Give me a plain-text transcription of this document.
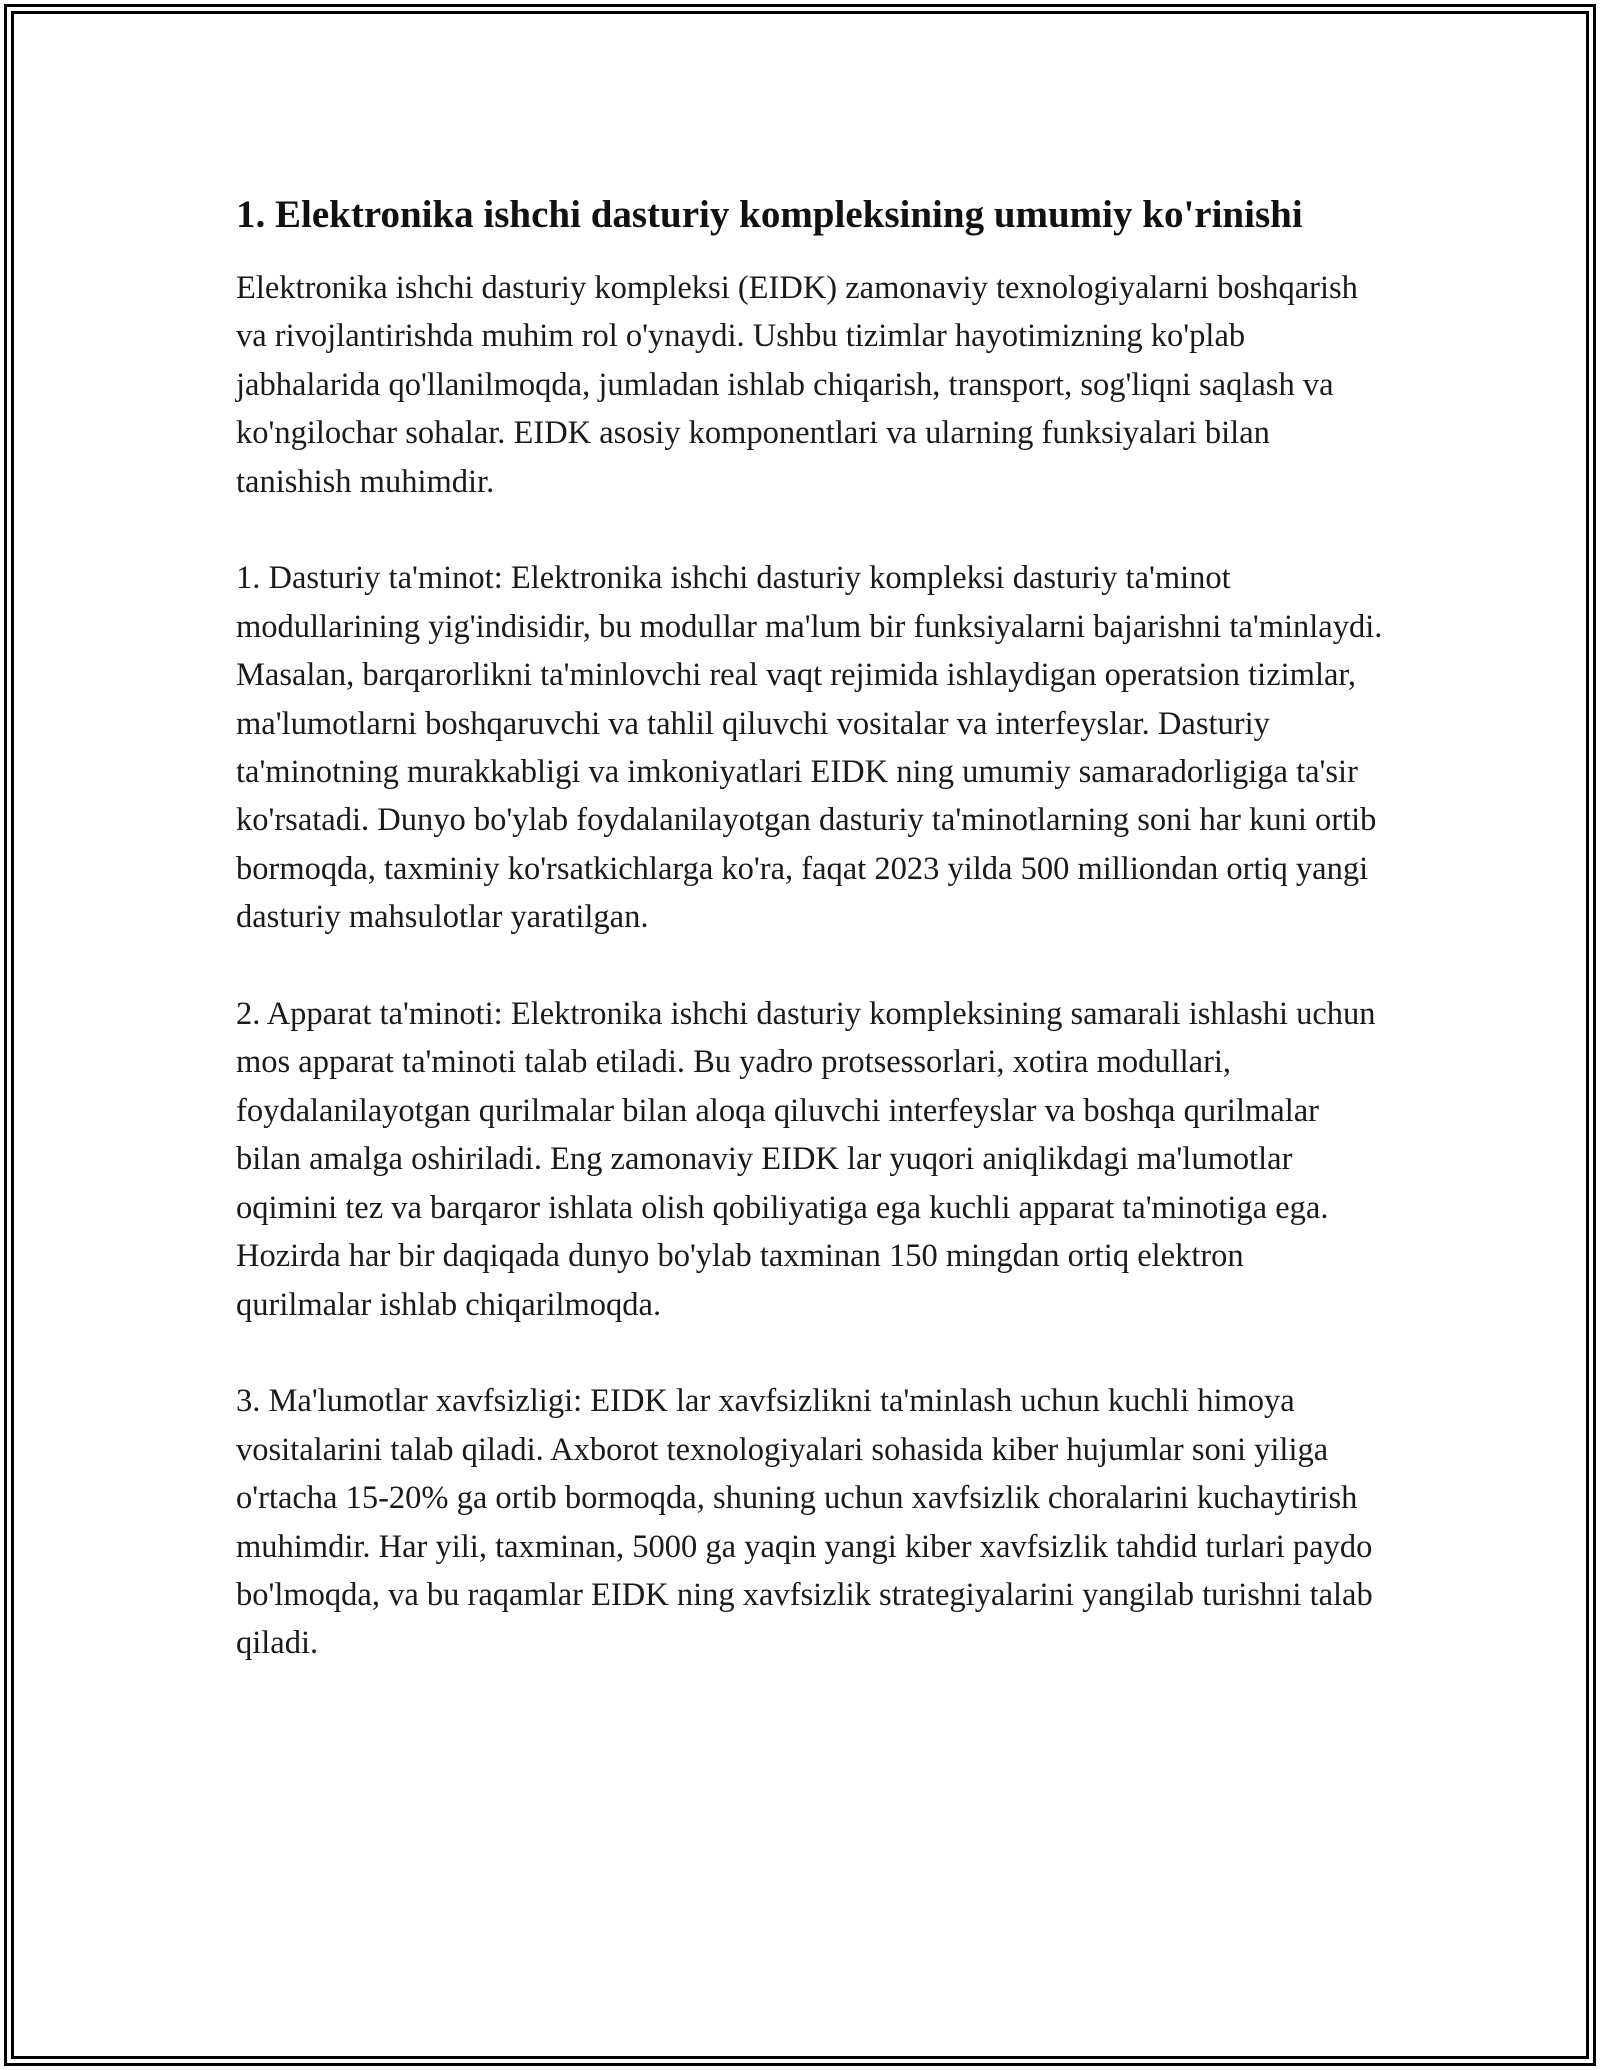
1. Elektronika ishchi dasturiy kompleksining umumiy ko'rinishi

Elektronika ishchi dasturiy kompleksi (EIDK) zamonaviy texnologiyalarni boshqarish va rivojlantirishda muhim rol o'ynaydi. Ushbu tizimlar hayotimizning ko'plab jabhalarida qo'llanilmoqda, jumladan ishlab chiqarish, transport, sog'liqni saqlash va ko'ngilochar sohalar. EIDK asosiy komponentlari va ularning funksiyalari bilan tanishish muhimdir.

1. Dasturiy ta'minot: Elektronika ishchi dasturiy kompleksi dasturiy ta'minot modullarining yig'indisidir, bu modullar ma'lum bir funksiyalarni bajarishni ta'minlaydi. Masalan, barqarorlikni ta'minlovchi real vaqt rejimida ishlaydigan operatsion tizimlar, ma'lumotlarni boshqaruvchi va tahlil qiluvchi vositalar va interfeyslar. Dasturiy ta'minotning murakkabligi va imkoniyatlari EIDK ning umumiy samaradorligiga ta'sir ko'rsatadi. Dunyo bo'ylab foydalanilayotgan dasturiy ta'minotlarning soni har kuni ortib bormoqda, taxminiy ko'rsatkichlarga ko'ra, faqat 2023 yilda 500 milliondan ortiq yangi dasturiy mahsulotlar yaratilgan.

2. Apparat ta'minoti: Elektronika ishchi dasturiy kompleksining samarali ishlashi uchun mos apparat ta'minoti talab etiladi. Bu yadro protsessorlari, xotira modullari, foydalanilayotgan qurilmalar bilan aloqa qiluvchi interfeyslar va boshqa qurilmalar bilan amalga oshiriladi. Eng zamonaviy EIDK lar yuqori aniqlikdagi ma'lumotlar oqimini tez va barqaror ishlata olish qobiliyatiga ega kuchli apparat ta'minotiga ega. Hozirda har bir daqiqada dunyo bo'ylab taxminan 150 mingdan ortiq elektron qurilmalar ishlab chiqarilmoqda.

3. Ma'lumotlar xavfsizligi: EIDK lar xavfsizlikni ta'minlash uchun kuchli himoya vositalarini talab qiladi. Axborot texnologiyalari sohasida kiber hujumlar soni yiliga o'rtacha 15-20% ga ortib bormoqda, shuning uchun xavfsizlik choralarini kuchaytirish muhimdir. Har yili, taxminan, 5000 ga yaqin yangi kiber xavfsizlik tahdid turlari paydo bo'lmoqda, va bu raqamlar EIDK ning xavfsizlik strategiyalarini yangilab turishni talab qiladi.
